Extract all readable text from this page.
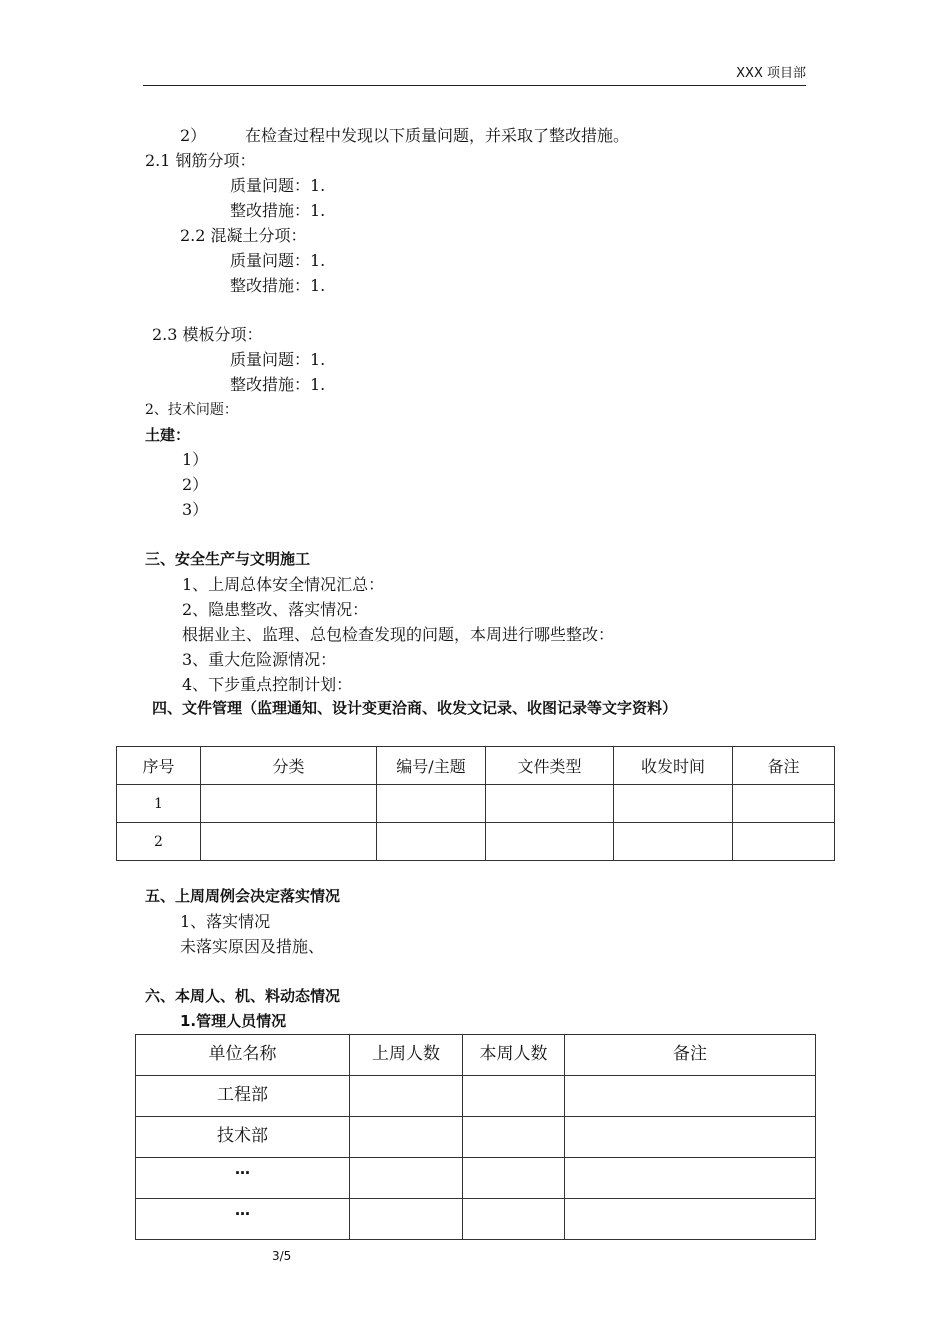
XXX 项目部
2） 在检查过程中发现以下质量问题，并采取了整改措施。
2.1 钢筋分项：
质量问题：1.
整改措施：1.
2.2 混凝土分项：
质量问题：1.
整改措施：1.
2.3 模板分项：
质量问题：1.
整改措施：1.
2、技术问题：
土建：
1）
2）
3）
三、安全生产与文明施工
1、上周总体安全情况汇总：
2、隐患整改、落实情况：
根据业主、监理、总包检查发现的问题，本周进行哪些整改：
3、重大危险源情况：
4、下步重点控制计划：
四、文件管理（监理通知、设计变更洽商、收发文记录、收图记录等文字资料）
序号	分类	编号/主题	文件类型	收发时间	备注
1					
2					
五、上周周例会决定落实情况
1、落实情况
未落实原因及措施、
六、本周人、机、料动态情况
1.管理人员情况
单位名称	上周人数	本周人数	备注
工程部			
技术部			
…			
…			
3/5
